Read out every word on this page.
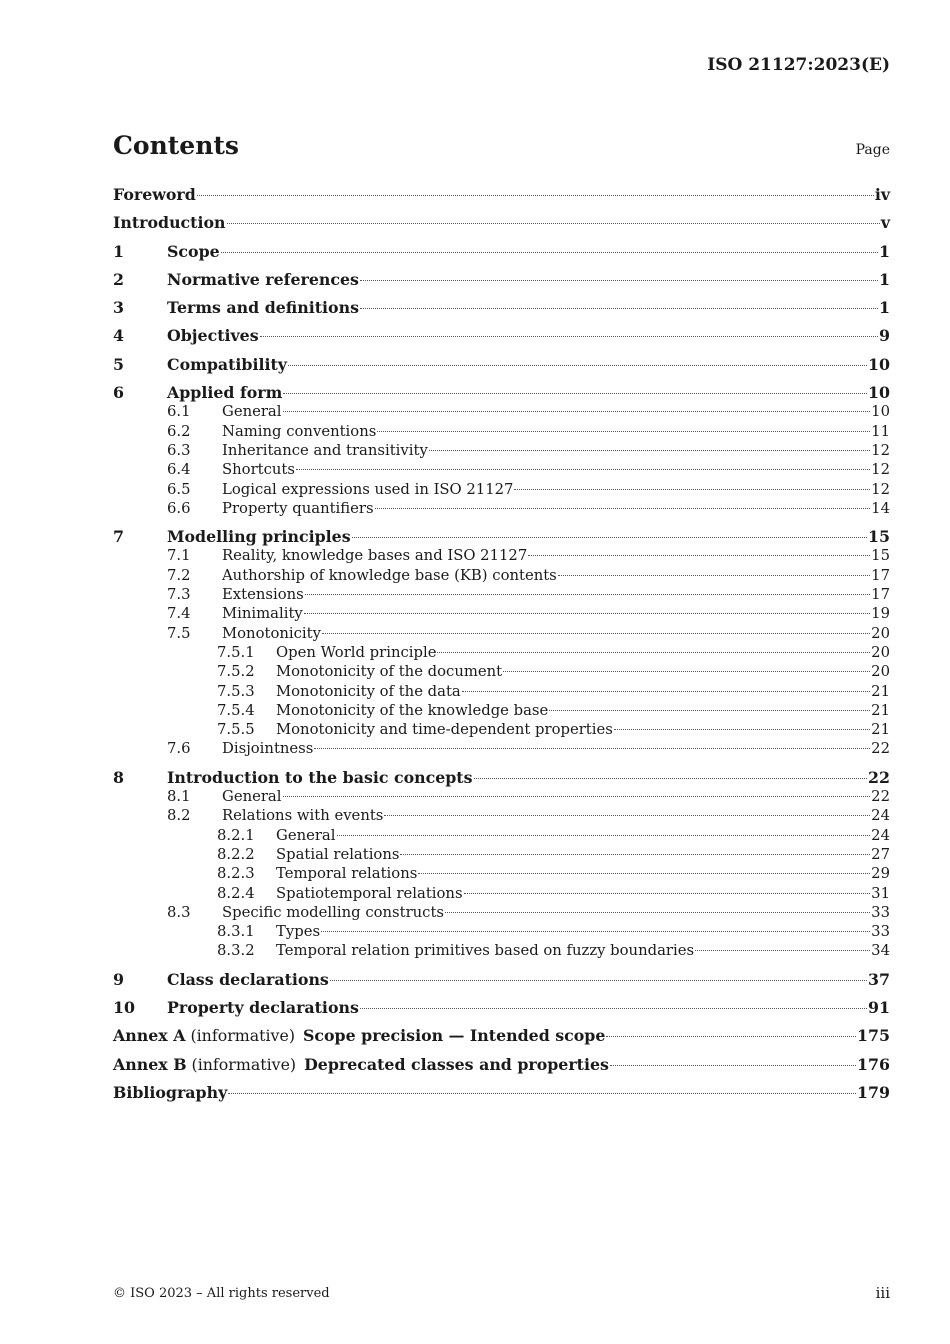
ISO 21127:2023(E)
Contents	Page
Foreword	iv
Introduction	v
1	Scope	1
2	Normative references	1
3	Terms and definitions	1
4	Objectives	9
5	Compatibility	10
6	Applied form	10
6.1	General	10
6.2	Naming conventions	11
6.3	Inheritance and transitivity	12
6.4	Shortcuts	12
6.5	Logical expressions used in ISO 21127	12
6.6	Property quantifiers	14
7	Modelling principles	15
7.1	Reality, knowledge bases and ISO 21127	15
7.2	Authorship of knowledge base (KB) contents	17
7.3	Extensions	17
7.4	Minimality	19
7.5	Monotonicity	20
7.5.1	Open World principle	20
7.5.2	Monotonicity of the document	20
7.5.3	Monotonicity of the data	21
7.5.4	Monotonicity of the knowledge base	21
7.5.5	Monotonicity and time-dependent properties	21
7.6	Disjointness	22
8	Introduction to the basic concepts	22
8.1	General	22
8.2	Relations with events	24
8.2.1	General	24
8.2.2	Spatial relations	27
8.2.3	Temporal relations	29
8.2.4	Spatiotemporal relations	31
8.3	Specific modelling constructs	33
8.3.1	Types	33
8.3.2	Temporal relation primitives based on fuzzy boundaries	34
9	Class declarations	37
10	Property declarations	91
Annex A (informative) Scope precision — Intended scope	175
Annex B (informative) Deprecated classes and properties	176
Bibliography	179
© ISO 2023 – All rights reserved	iii
